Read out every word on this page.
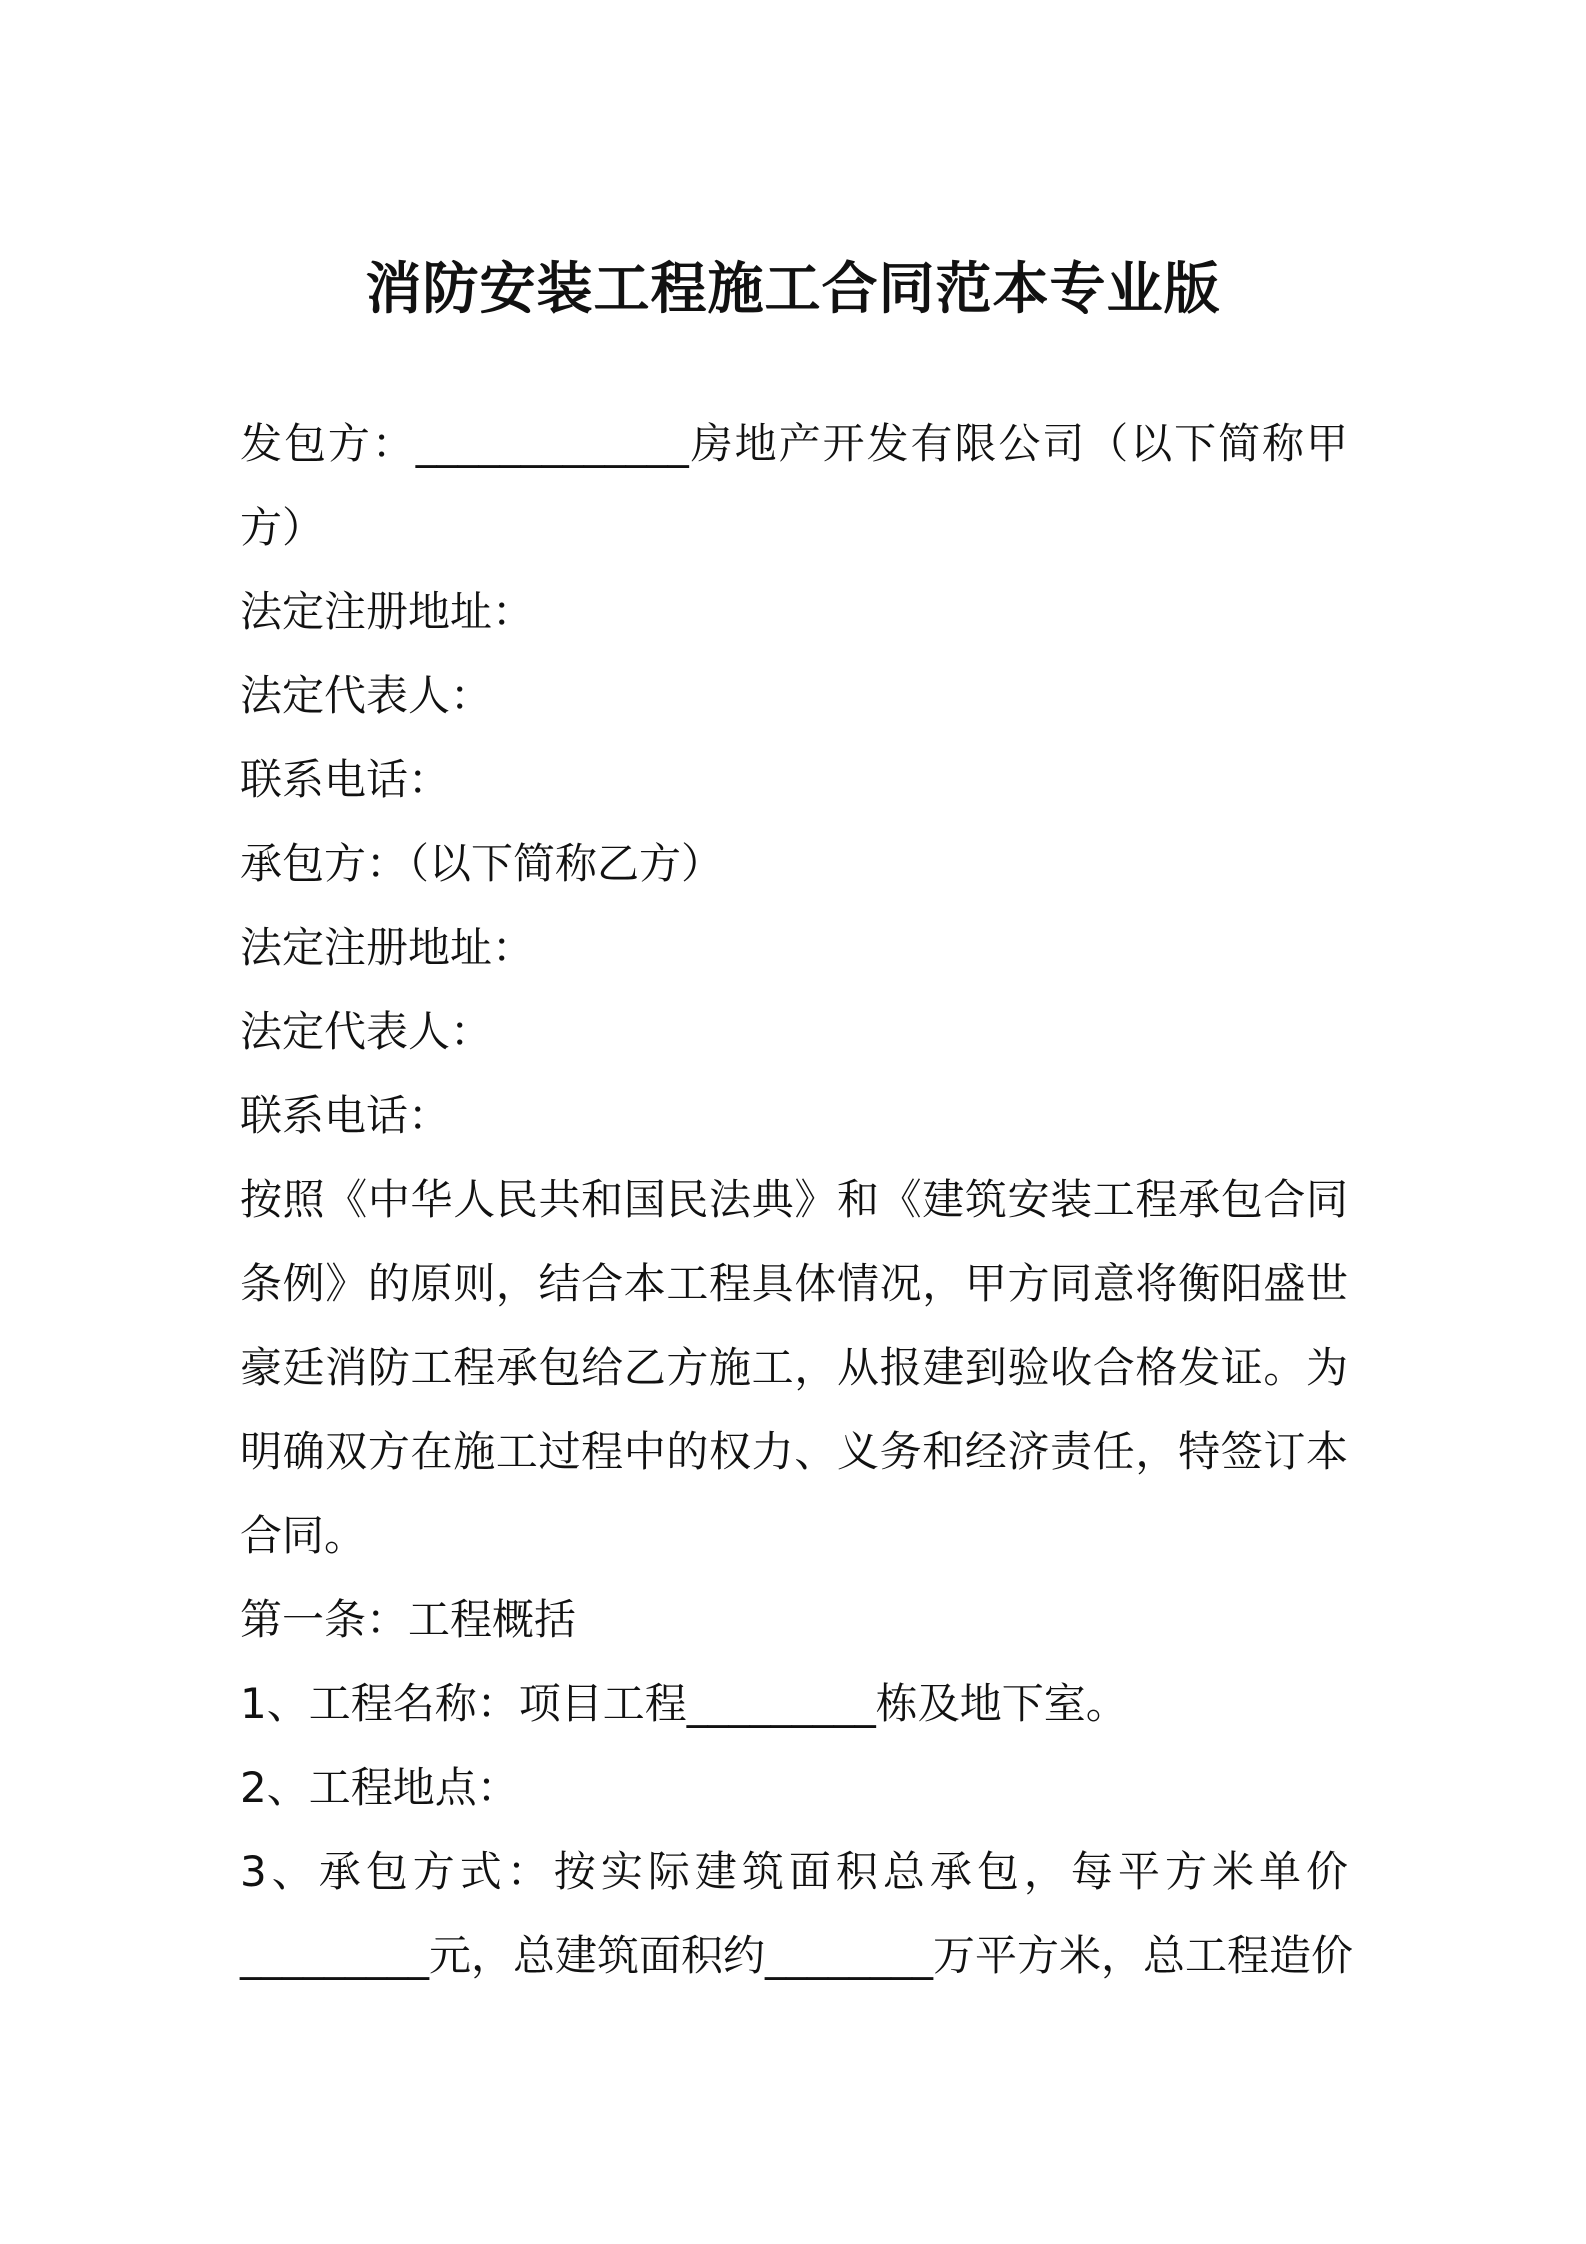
消防安装工程施工合同范本专业版
发包方：_____________房地产开发有限公司（以下简称甲
方）
法定注册地址：
法定代表人：
联系电话：
承包方：（以下简称乙方）
法定注册地址：
法定代表人：
联系电话：
按照《中华人民共和国民法典》和《建筑安装工程承包合同
条例》的原则，结合本工程具体情况，甲方同意将衡阳盛世
豪廷消防工程承包给乙方施工，从报建到验收合格发证。为
明确双方在施工过程中的权力、义务和经济责任，特签订本
合同。
第一条：工程概括
1、工程名称：项目工程_________栋及地下室。
2、工程地点：
3、承包方式：按实际建筑面积总承包，每平方米单价
_________元，总建筑面积约________万平方米，总工程造价
